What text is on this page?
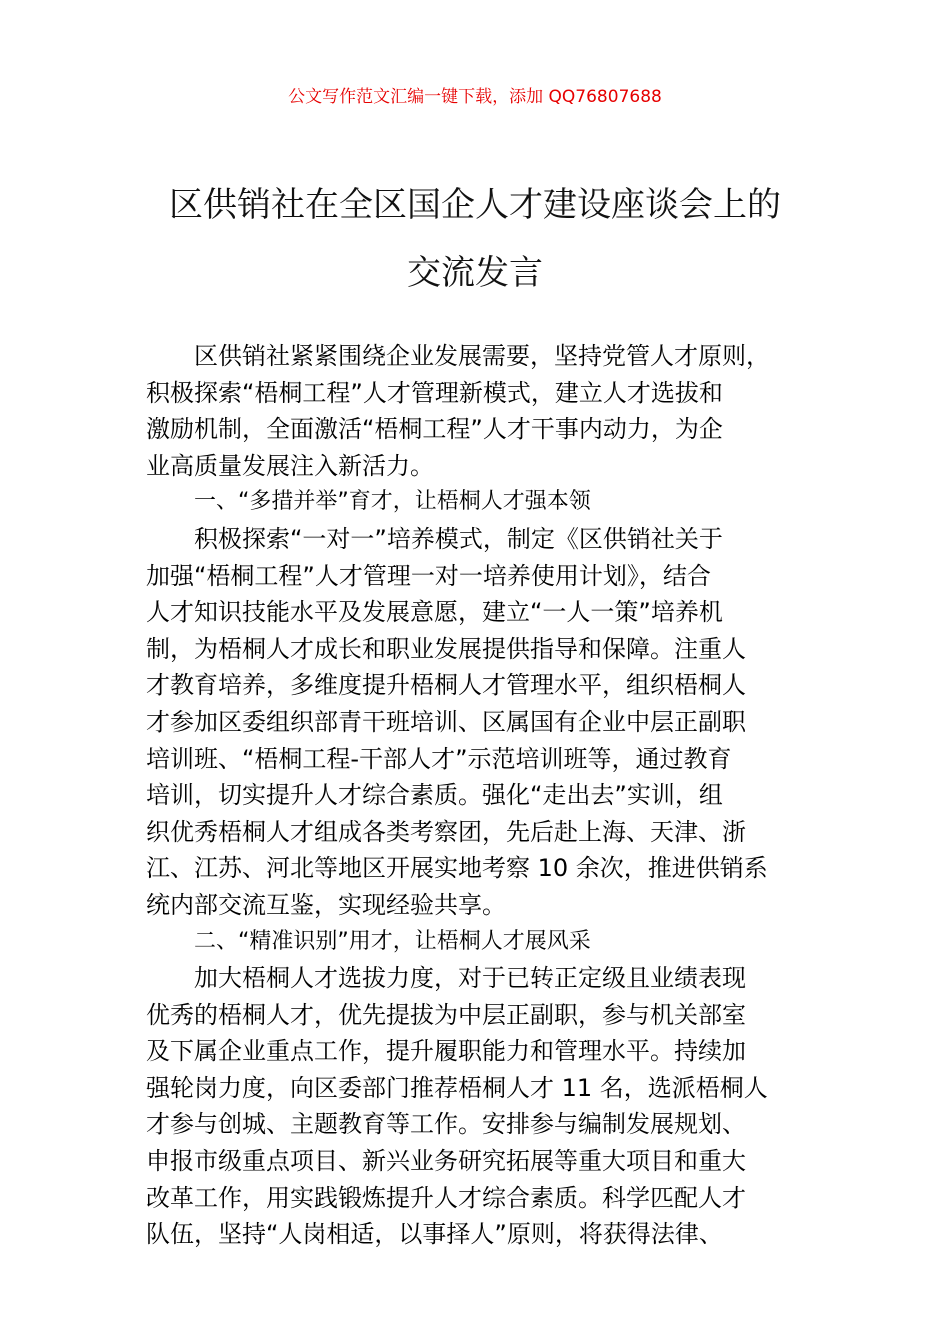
公文写作范文汇编一键下载，添加 QQ76807688
区供销社在全区国企人才建设座谈会上的
交流发言
区供销社紧紧围绕企业发展需要，坚持党管人才原则，
积极探索“梧桐工程”人才管理新模式，建立人才选拔和
激励机制，全面激活“梧桐工程”人才干事内动力，为企
业高质量发展注入新活力。
一、“多措并举”育才，让梧桐人才强本领
积极探索“一对一”培养模式，制定《区供销社关于
加强“梧桐工程”人才管理一对一培养使用计划》，结合
人才知识技能水平及发展意愿，建立“一人一策”培养机
制，为梧桐人才成长和职业发展提供指导和保障。注重人
才教育培养，多维度提升梧桐人才管理水平，组织梧桐人
才参加区委组织部青干班培训、区属国有企业中层正副职
培训班、“梧桐工程-干部人才”示范培训班等，通过教育
培训，切实提升人才综合素质。强化“走出去”实训，组
织优秀梧桐人才组成各类考察团，先后赴上海、天津、浙
江、江苏、河北等地区开展实地考察 10 余次，推进供销系
统内部交流互鉴，实现经验共享。
二、“精准识别”用才，让梧桐人才展风采
加大梧桐人才选拔力度，对于已转正定级且业绩表现
优秀的梧桐人才，优先提拔为中层正副职，参与机关部室
及下属企业重点工作，提升履职能力和管理水平。持续加
强轮岗力度，向区委部门推荐梧桐人才 11 名，选派梧桐人
才参与创城、主题教育等工作。安排参与编制发展规划、
申报市级重点项目、新兴业务研究拓展等重大项目和重大
改革工作，用实践锻炼提升人才综合素质。科学匹配人才
队伍，坚持“人岗相适，以事择人”原则，将获得法律、
